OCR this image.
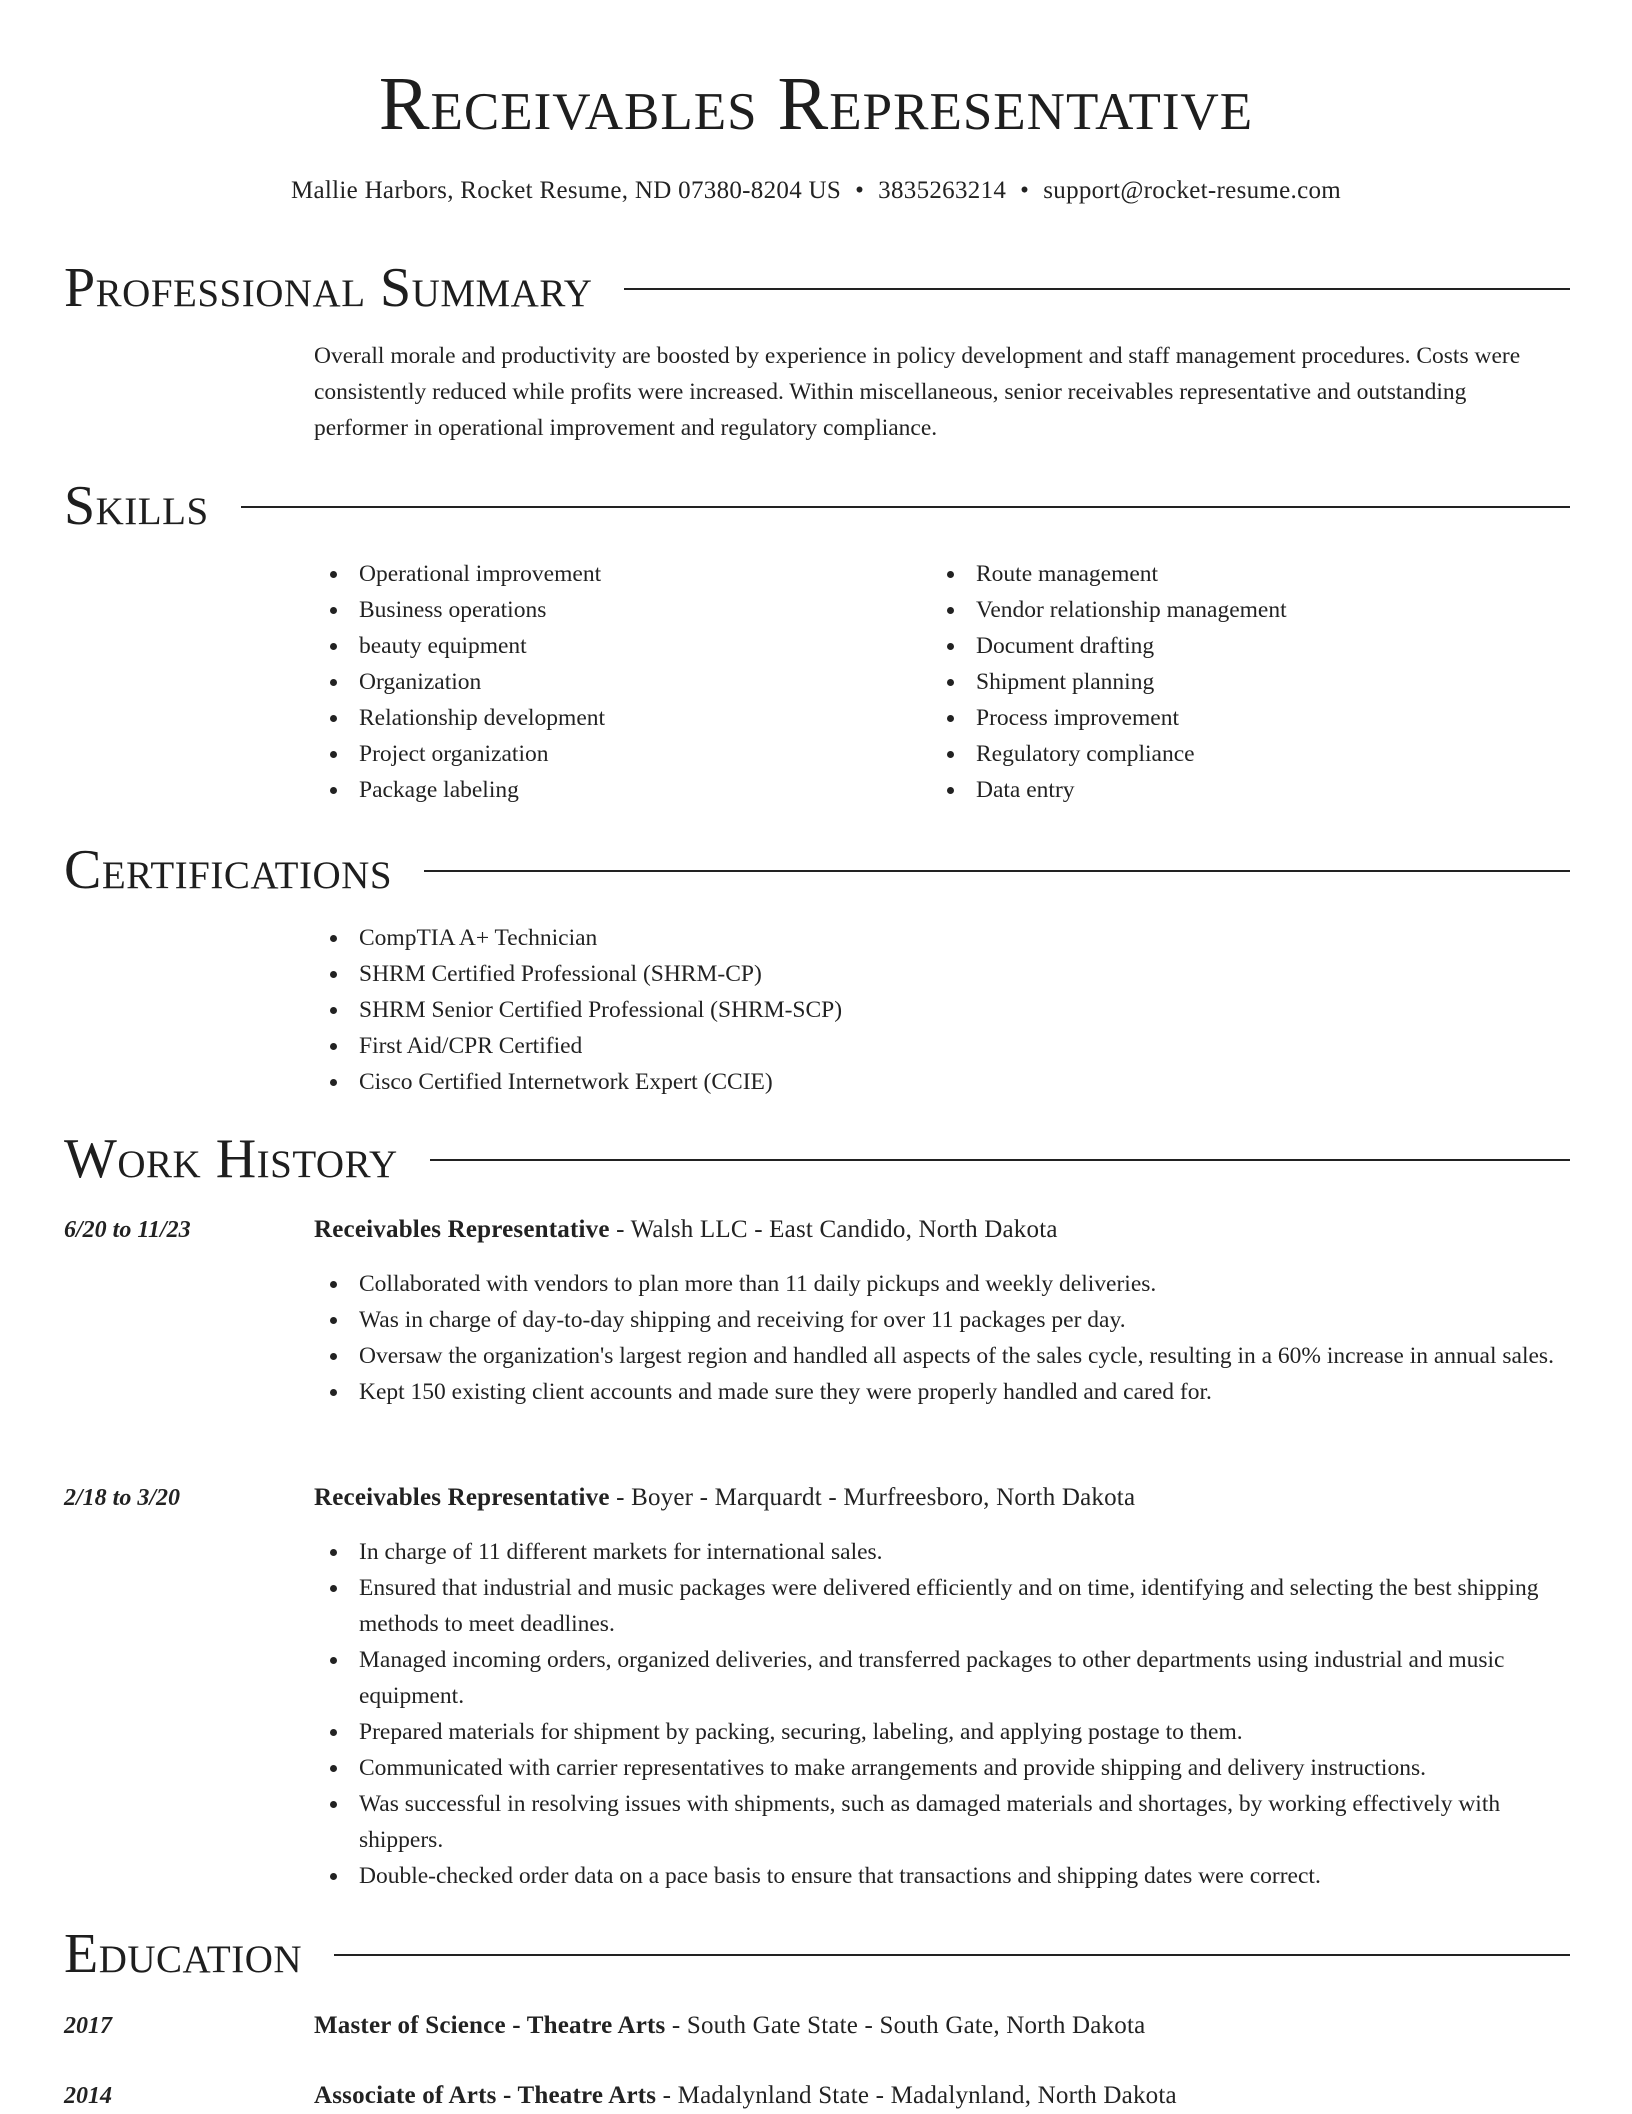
Receivables Representative
Mallie Harbors, Rocket Resume, ND 07380-8204 US • 3835263214 • support@rocket-resume.com
Professional Summary
Overall morale and productivity are boosted by experience in policy development and staff management procedures. Costs were consistently reduced while profits were increased. Within miscellaneous, senior receivables representative and outstanding performer in operational improvement and regulatory compliance.
Skills
Operational improvement
Business operations
beauty equipment
Organization
Relationship development
Project organization
Package labeling
Route management
Vendor relationship management
Document drafting
Shipment planning
Process improvement
Regulatory compliance
Data entry
Certifications
CompTIA A+ Technician
SHRM Certified Professional (SHRM-CP)
SHRM Senior Certified Professional (SHRM-SCP)
First Aid/CPR Certified
Cisco Certified Internetwork Expert (CCIE)
Work History
6/20 to 11/23	Receivables Representative - Walsh LLC - East Candido, North Dakota
Collaborated with vendors to plan more than 11 daily pickups and weekly deliveries.
Was in charge of day-to-day shipping and receiving for over 11 packages per day.
Oversaw the organization's largest region and handled all aspects of the sales cycle, resulting in a 60% increase in annual sales.
Kept 150 existing client accounts and made sure they were properly handled and cared for.
2/18 to 3/20	Receivables Representative - Boyer - Marquardt - Murfreesboro, North Dakota
In charge of 11 different markets for international sales.
Ensured that industrial and music packages were delivered efficiently and on time, identifying and selecting the best shipping methods to meet deadlines.
Managed incoming orders, organized deliveries, and transferred packages to other departments using industrial and music equipment.
Prepared materials for shipment by packing, securing, labeling, and applying postage to them.
Communicated with carrier representatives to make arrangements and provide shipping and delivery instructions.
Was successful in resolving issues with shipments, such as damaged materials and shortages, by working effectively with shippers.
Double-checked order data on a pace basis to ensure that transactions and shipping dates were correct.
Education
2017	Master of Science - Theatre Arts - South Gate State - South Gate, North Dakota
2014	Associate of Arts - Theatre Arts - Madalynland State - Madalynland, North Dakota
